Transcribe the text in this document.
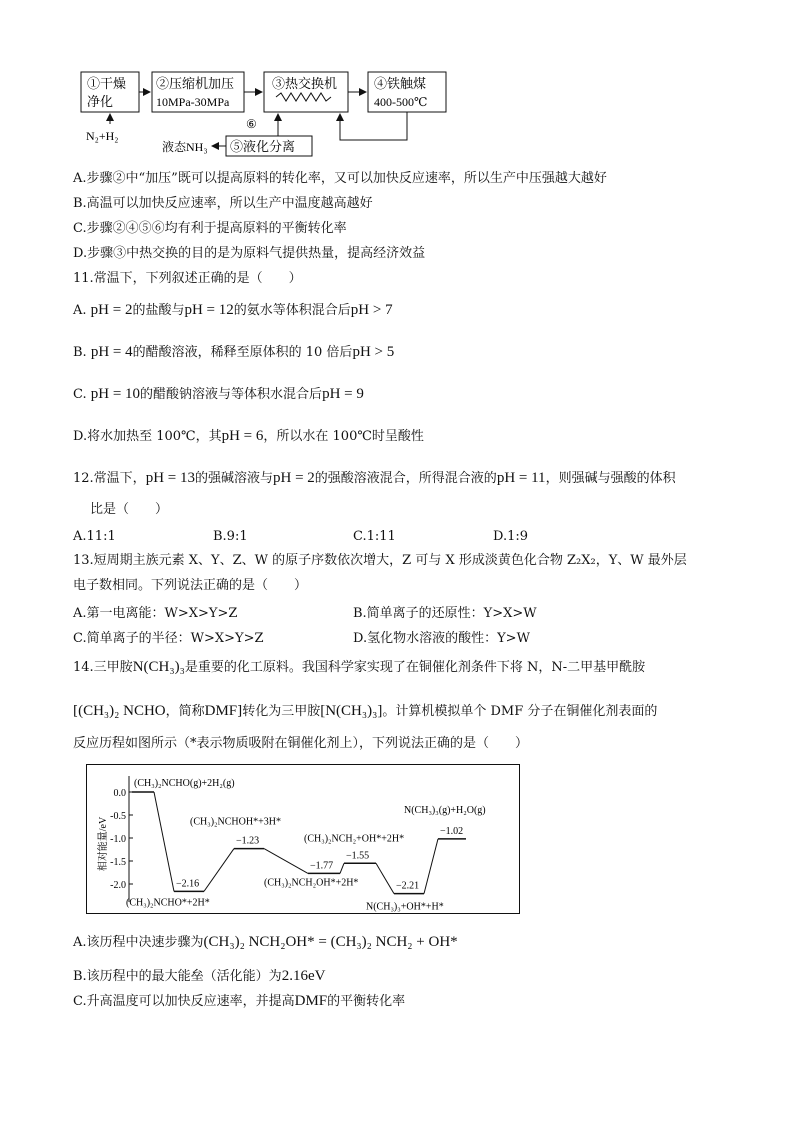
①干燥
净化
②压缩机加压
10MPa-30MPa
③热交换机	④铁触煤
400-500℃
⑤液化分离
⑥
N₂+H₂
液态NH₃
A.步骤②中“加压”既可以提高原料的转化率，又可以加快反应速率，所以生产中压强越大越好
B.高温可以加快反应速率，所以生产中温度越高越好
C.步骤②④⑤⑥均有利于提高原料的平衡转化率
D.步骤③中热交换的目的是为原料气提供热量，提高经济效益
11.常温下，下列叙述正确的是（　　）
A. pH = 2的盐酸与pH = 12的氨水等体积混合后pH > 7
B. pH = 4的醋酸溶液，稀释至原体积的 10 倍后pH > 5
C. pH = 10的醋酸钠溶液与等体积水混合后pH = 9
D.将水加热至 100℃，其pH = 6，所以水在 100℃时呈酸性
12.常温下，pH = 13的强碱溶液与pH = 2的强酸溶液混合，所得混合液的pH = 11，则强碱与强酸的体积
比是（　　）
A.11:1	B.9:1	C.1:11	D.1:9
13.短周期主族元素 X、Y、Z、W 的原子序数依次增大，Z 可与 X 形成淡黄色化合物 Z₂X₂，Y、W 最外层
电子数相同。下列说法正确的是（　　）
A.第一电离能：W>X>Y>Z	B.简单离子的还原性：Y>X>W
C.简单离子的半径：W>X>Y>Z	D.氢化物水溶液的酸性：Y>W
14.三甲胺N(CH₃)₃是重要的化工原料。我国科学家实现了在铜催化剂条件下将 N，N-二甲基甲酰胺
[(CH₃)₂ NCHO，简称DMF]转化为三甲胺[N(CH₃)₃]。计算机模拟单个 DMF 分子在铜催化剂表面的
反应历程如图所示（*表示物质吸附在铜催化剂上），下列说法正确的是（　　）
相对能量/eV
0.0
-0.5
-1.0
-1.5
-2.0
(CH₃)₂NCHO(g)+2H₂(g)
(CH₃)₂NCHO*+2H*
−2.16
(CH₃)₂NCHOH*+3H*
−1.23
(CH₃)₂NCH₂OH*+2H*
−1.77
(CH₃)₂NCH₂+OH*+2H*
−1.55
N(CH₃)₃+OH*+H*
−2.21
N(CH₃)₃(g)+H₂O(g)
−1.02
A.该历程中决速步骤为(CH₃)₂ NCH₂OH* = (CH₃)₂ NCH₂ + OH*
B.该历程中的最大能垒（活化能）为2.16eV
C.升高温度可以加快反应速率，并提高DMF的平衡转化率
